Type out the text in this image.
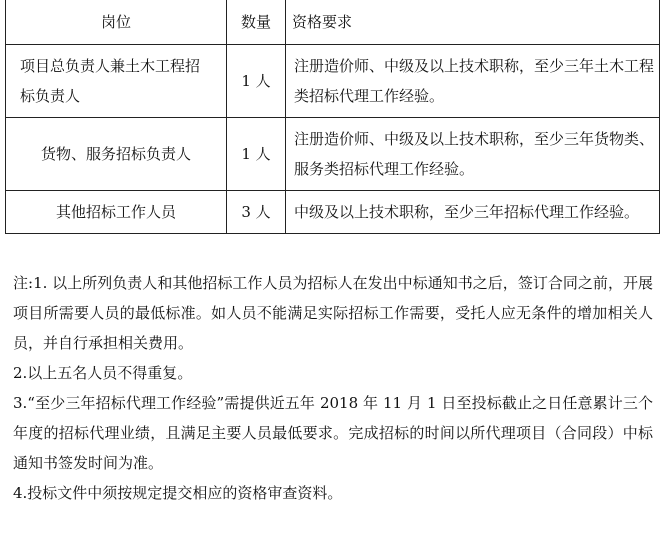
岗位	数量	资格要求

项目总负责人兼土木工程招标负责人	1 人	注册造价师、中级及以上技术职称，至少三年土木工程类招标代理工作经验。

货物、服务招标负责人	1 人	注册造价师、中级及以上技术职称，至少三年货物类、服务类招标代理工作经验。

其他招标工作人员	3 人	中级及以上技术职称，至少三年招标代理工作经验。

注:1. 以上所列负责人和其他招标工作人员为招标人在发出中标通知书之后，签订合同之前，开展项目所需要人员的最低标准。如人员不能满足实际招标工作需要，受托人应无条件的增加相关人员，并自行承担相关费用。

2.以上五名人员不得重复。

3.“至少三年招标代理工作经验”需提供近五年 2018 年 11 月 1 日至投标截止之日任意累计三个年度的招标代理业绩，且满足主要人员最低要求。完成招标的时间以所代理项目（合同段）中标通知书签发时间为准。

4.投标文件中须按规定提交相应的资格审查资料。
